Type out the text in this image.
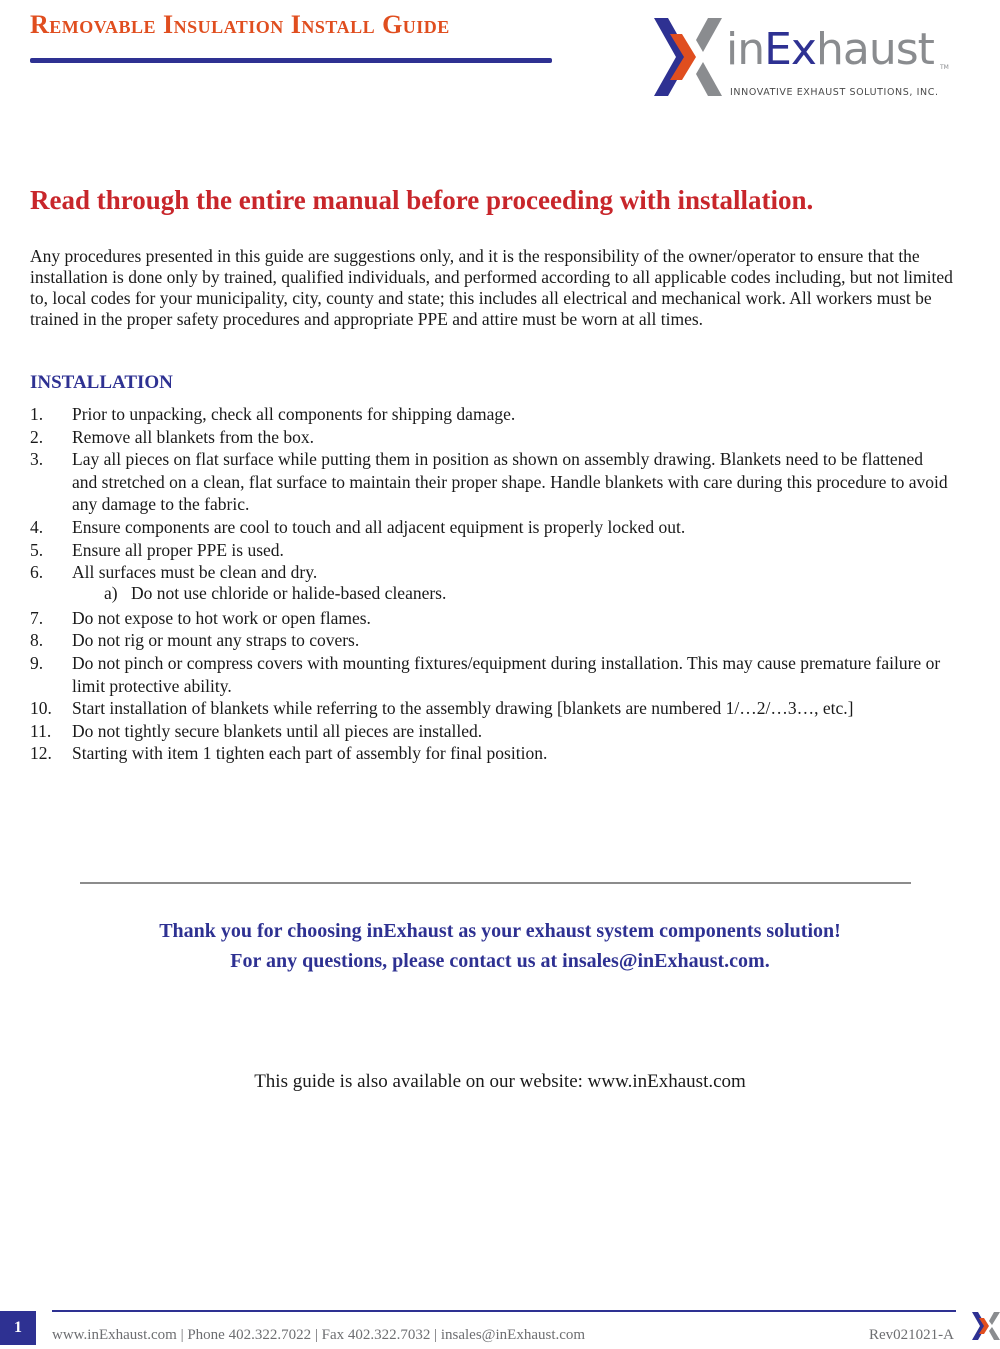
Removable Insulation Install Guide	inExhaust TM
INNOVATIVE EXHAUST SOLUTIONS, INC.
Read through the entire manual before proceeding with installation.

Any procedures presented in this guide are suggestions only, and it is the responsibility of the owner/operator to ensure that the installation is done only by trained, qualified individuals, and performed according to all applicable codes including, but not limited to, local codes for your municipality, city, county and state; this includes all electrical and mechanical work. All workers must be trained in the proper safety procedures and appropriate PPE and attire must be worn at all times.

INSTALLATION
1.	Prior to unpacking, check all components for shipping damage.
2.	Remove all blankets from the box.
3.	Lay all pieces on flat surface while putting them in position as shown on assembly drawing. Blankets need to be flattened and stretched on a clean, flat surface to maintain their proper shape. Handle blankets with care during this procedure to avoid any damage to the fabric.
4.	Ensure components are cool to touch and all adjacent equipment is properly locked out.
5.	Ensure all proper PPE is used.
6.	All surfaces must be clean and dry.
a) Do not use chloride or halide-based cleaners.
7.	Do not expose to hot work or open flames.
8.	Do not rig or mount any straps to covers.
9.	Do not pinch or compress covers with mounting fixtures/equipment during installation. This may cause premature failure or limit protective ability.
10.	Start installation of blankets while referring to the assembly drawing [blankets are numbered 1/…2/…3…, etc.]
11.	Do not tightly secure blankets until all pieces are installed.
12.	Starting with item 1 tighten each part of assembly for final position.
Thank you for choosing inExhaust as your exhaust system components solution!
For any questions, please contact us at insales@inExhaust.com.

This guide is also available on our website: www.inExhaust.com

1	www.inExhaust.com | Phone 402.322.7022 | Fax 402.322.7032 | insales@inExhaust.com	Rev021021-A
